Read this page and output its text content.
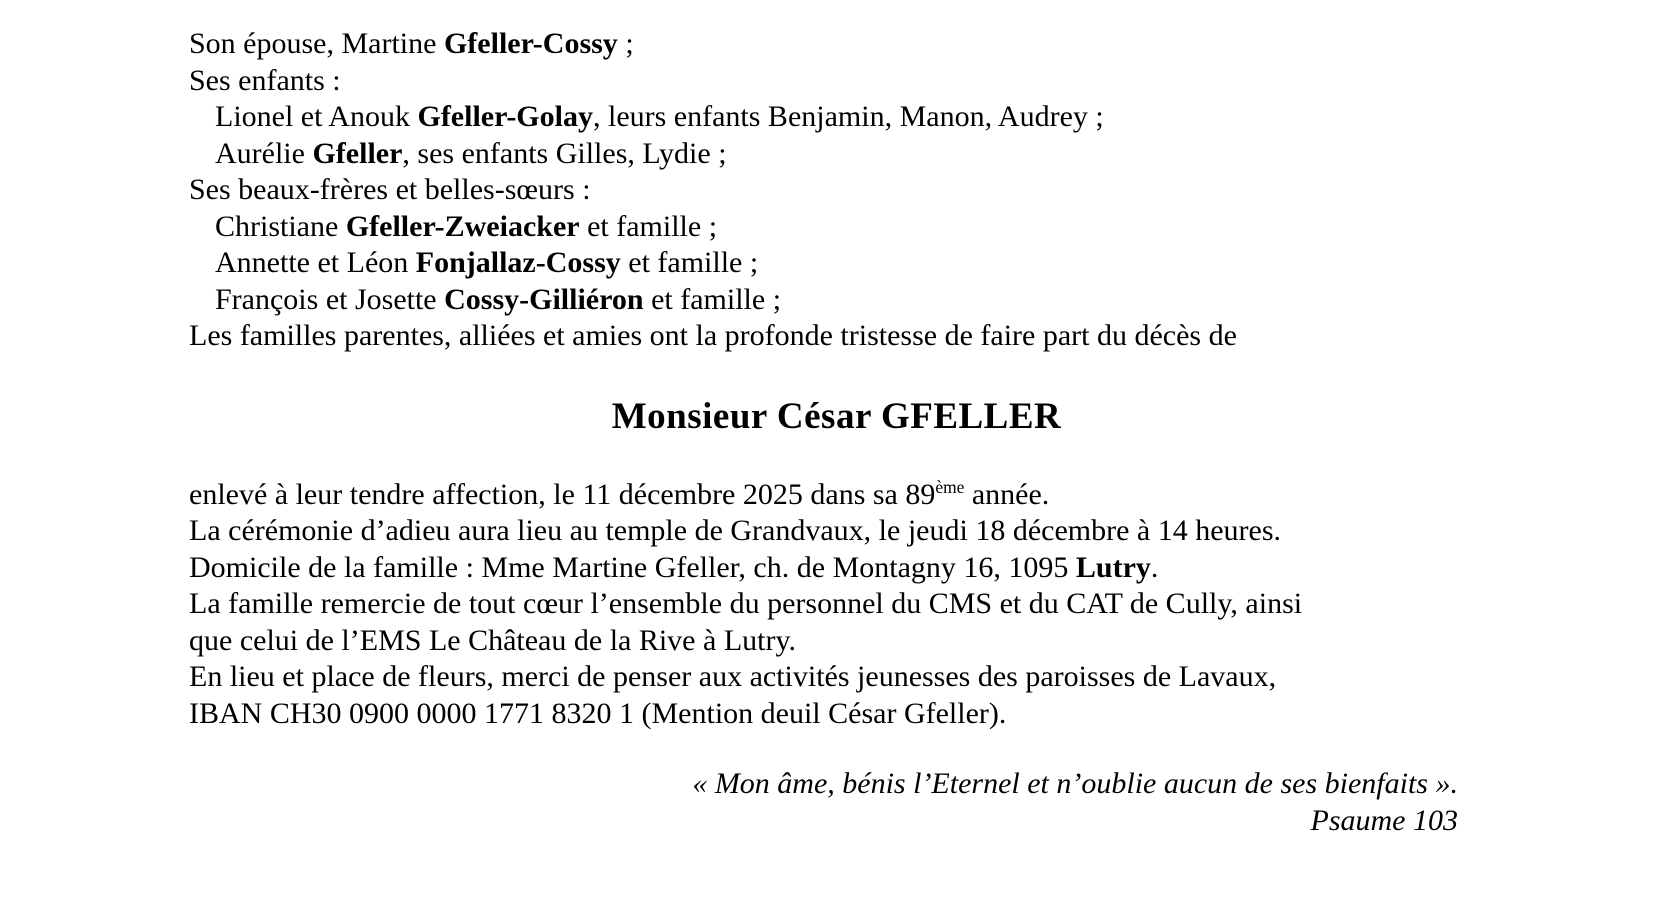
Son épouse, Martine Gfeller-Cossy ;
Ses enfants :
Lionel et Anouk Gfeller-Golay, leurs enfants Benjamin, Manon, Audrey ;
Aurélie Gfeller, ses enfants Gilles, Lydie ;
Ses beaux-frères et belles-sœurs :
Christiane Gfeller-Zweiacker et famille ;
Annette et Léon Fonjallaz-Cossy et famille ;
François et Josette Cossy-Gilliéron et famille ;
Les familles parentes, alliées et amies ont la profonde tristesse de faire part du décès de
Monsieur César GFELLER
enlevé à leur tendre affection, le 11 décembre 2025 dans sa 89ème année.
La cérémonie d’adieu aura lieu au temple de Grandvaux, le jeudi 18 décembre à 14 heures.
Domicile de la famille : Mme Martine Gfeller, ch. de Montagny 16, 1095 Lutry.
La famille remercie de tout cœur l’ensemble du personnel du CMS et du CAT de Cully, ainsi
que celui de l’EMS Le Château de la Rive à Lutry.
En lieu et place de fleurs, merci de penser aux activités jeunesses des paroisses de Lavaux,
IBAN CH30 0900 0000 1771 8320 1 (Mention deuil César Gfeller).
« Mon âme, bénis l’Eternel et n’oublie aucun de ses bienfaits ».
Psaume 103
